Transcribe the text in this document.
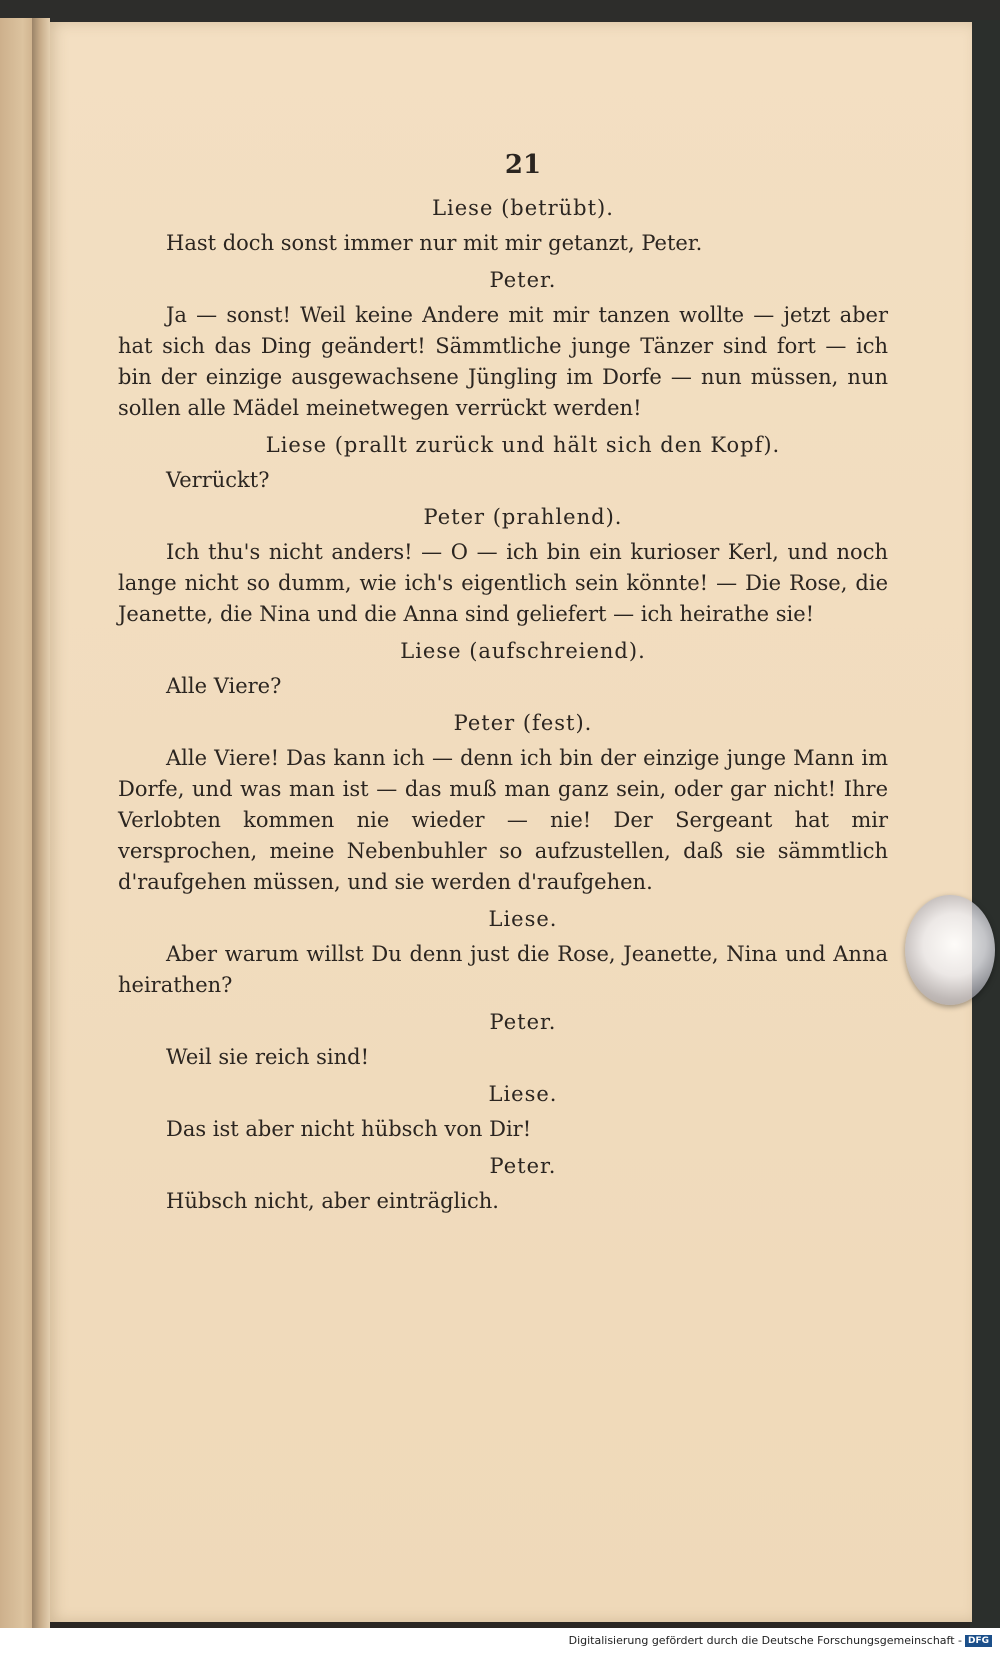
21
Liese (betrübt).
Hast doch sonst immer nur mit mir getanzt, Peter.
Peter.
Ja — sonst! Weil keine Andere mit mir tanzen wollte — jetzt aber hat sich das Ding geändert! Sämmtliche junge Tänzer sind fort — ich bin der einzige ausgewachsene Jüngling im Dorfe — nun müssen, nun sollen alle Mädel meinetwegen verrückt werden!
Liese (prallt zurück und hält sich den Kopf).
Verrückt?
Peter (prahlend).
Ich thu's nicht anders! — O — ich bin ein kurioser Kerl, und noch lange nicht so dumm, wie ich's eigentlich sein könnte! — Die Rose, die Jeanette, die Nina und die Anna sind geliefert — ich heirathe sie!
Liese (aufschreiend).
Alle Viere?
Peter (fest).
Alle Viere! Das kann ich — denn ich bin der einzige junge Mann im Dorfe, und was man ist — das muß man ganz sein, oder gar nicht! Ihre Verlobten kommen nie wieder — nie! Der Sergeant hat mir versprochen, meine Nebenbuhler so aufzustellen, daß sie sämmtlich d'raufgehen müssen, und sie werden d'raufgehen.
Liese.
Aber warum willst Du denn just die Rose, Jeanette, Nina und Anna heirathen?
Peter.
Weil sie reich sind!
Liese.
Das ist aber nicht hübsch von Dir!
Peter.
Hübsch nicht, aber einträglich.
Digitalisierung gefördert durch die Deutsche Forschungsgemeinschaft - DFG
